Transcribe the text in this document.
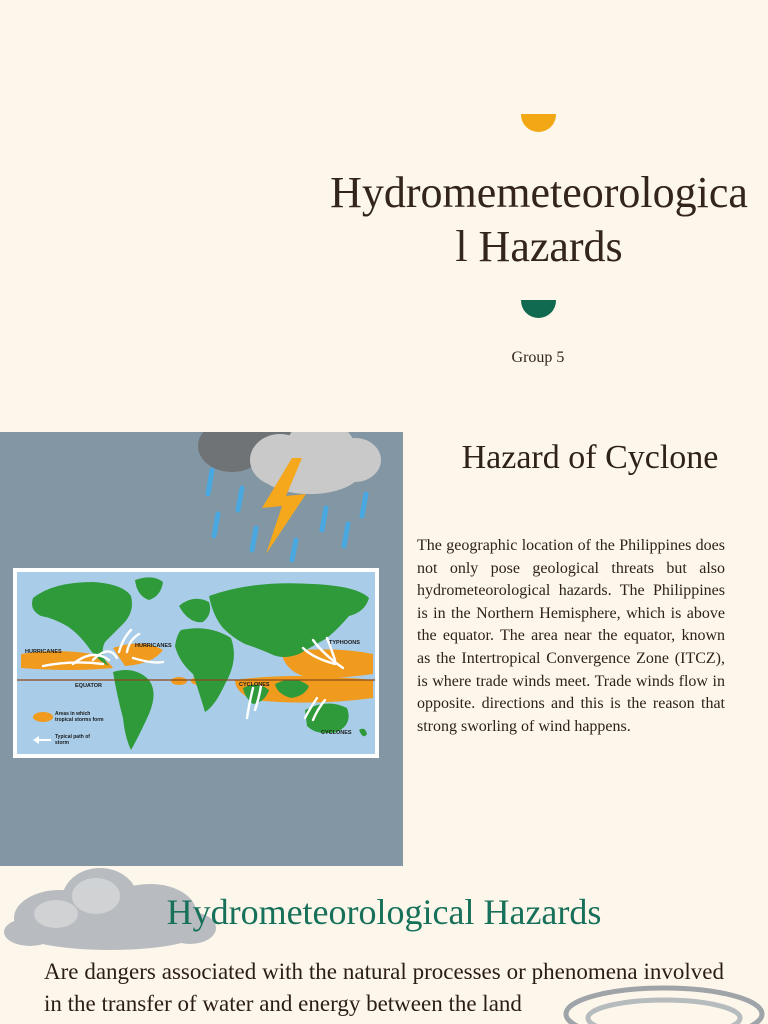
Hydromemeteorological Hazards
Group 5
HURRICANES
HURRICANES	TYPHOONS
EQUATOR	CYCLONES
CYCLONES
Areas in which tropical storms form
Typical path of storm
Hazard of Cyclone

The geographic location of the Philippines does not only pose geological threats but also hydrometeorological hazards. The Philippines is in the Northern Hemisphere, which is above the equator. The area near the equator, known as the Intertropical Convergence Zone (ITCZ), is where trade winds meet. Trade winds flow in opposite. directions and this is the reason that strong sworling of wind happens.

Hydrometeorological Hazards

Are dangers associated with the natural processes or phenomena involved in the transfer of water and energy between the land
